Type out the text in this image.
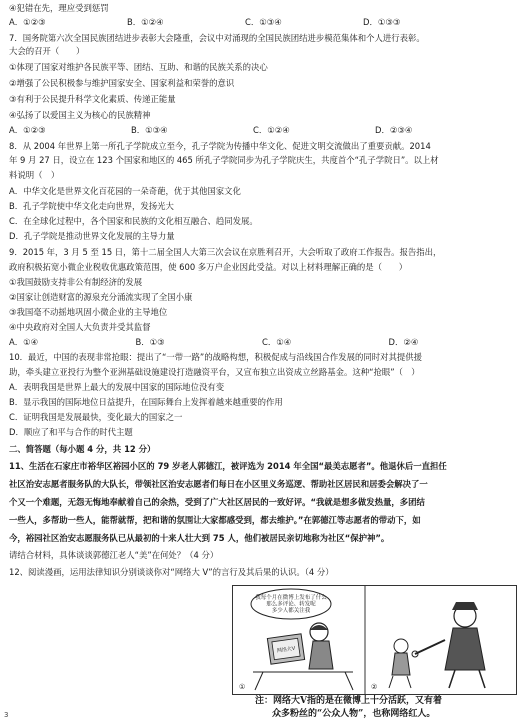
④犯错在先，理应受到惩罚
A．①②③	B．①②④	C．①③④	D．①③③
7．国务院第六次全国民族团结进步表彰大会隆重，会议中对涌现的全国民族团结进步模范集体和个人进行表彰。
大会的召开（　　）
①体现了国家对维护各民族平等、团结、互助、和谐的民族关系的决心
②增强了公民积极参与维护国家安全、国家利益和荣誉的意识
③有利于公民提升科学文化素质、传递正能量
④弘扬了以爱国主义为核心的民族精神
A．①②③	B．①③④	C．①②④	D．②③④
8．从 2004 年世界上第一所孔子学院成立至今，孔子学院为传播中华文化、促进文明交流做出了重要贡献。2014
年 9 月 27 日，设立在 123 个国家和地区的 465 所孔子学院同步为孔子学院庆生，共度首个“孔子学院日”。以上材
料说明（　）
A．中华文化是世界文化百花园的一朵奇葩，优于其他国家文化
B．孔子学院使中华文化走向世界，发扬光大
C．在全球化过程中，各个国家和民族的文化相互融合、趋同发展。
D．孔子学院是推动世界文化发展的主导力量
9．2015 年，3 月 5 至 15 日，第十二届全国人大第三次会议在京胜利召开，大会听取了政府工作报告。报告指出，
政府积极拓宽小微企业税收优惠政策范围，使 600 多万户企业因此受益。对以上材料理解正确的是（　　）
①我国鼓励支持非公有制经济的发展
②国家让创造财富的源泉充分涌流实现了全国小康
③我国毫不动摇地巩固小微企业的主导地位
④中央政府对全国人大负责并受其监督
A．①④	B．①③	C．①④	D．②④
10．最近，中国的表现非常抢眼：提出了“一带一路”的战略构想，积极促成与沿线国合作发展的同时对其提供援
助，牵头建立亚投行为整个亚洲基础设施建设打造融资平台，又宣布独立出资成立丝路基金。这种“抢眼”（　）
A．表明我国是世界上最大的发展中国家的国际地位没有变
B．显示我国的国际地位日益提升，在国际舞台上发挥着越来越重要的作用
C．证明我国是发展最快，变化最大的国家之一
D．顺应了和平与合作的时代主题
二、简答题（每小题 4 分，共 12 分）
11、生活在石家庄市裕华区裕园小区的 79 岁老人郭德江，被评选为 2014 年全国“最美志愿者”。他退休后一直担任
社区治安志愿者服务队的大队长，带领社区治安志愿者们每日在小区里义务巡逻、帮助社区居民和居委会解决了一
个又一个难题，无怨无悔地奉献着自己的余热，受到了广大社区居民的一致好评。“我就是想多做发热量，多团结
一些人，多帮助一些人，能帮就帮，把和谐的氛围让大家都感受到，都去维护。”在郭德江等志愿者的带动下，如
今，裕园社区治安志愿服务队已从最初的十来人壮大到 75 人，他们被居民亲切地称为社区“保护神”。
请结合材料，具体谈谈郭德江老人“美”在何处？（4 分）
12、阅读漫画，运用法律知识分别谈谈你对“网络大 V”的言行及其后果的认识。（4 分）
我每个月在微博上发布了什么
那么多评论、转发呢
多少人都关注我
网络大V
①	②
注：网络大V指的是在微博上十分活跃，又有着
众多粉丝的“公众人物”，也称网络红人。
3
